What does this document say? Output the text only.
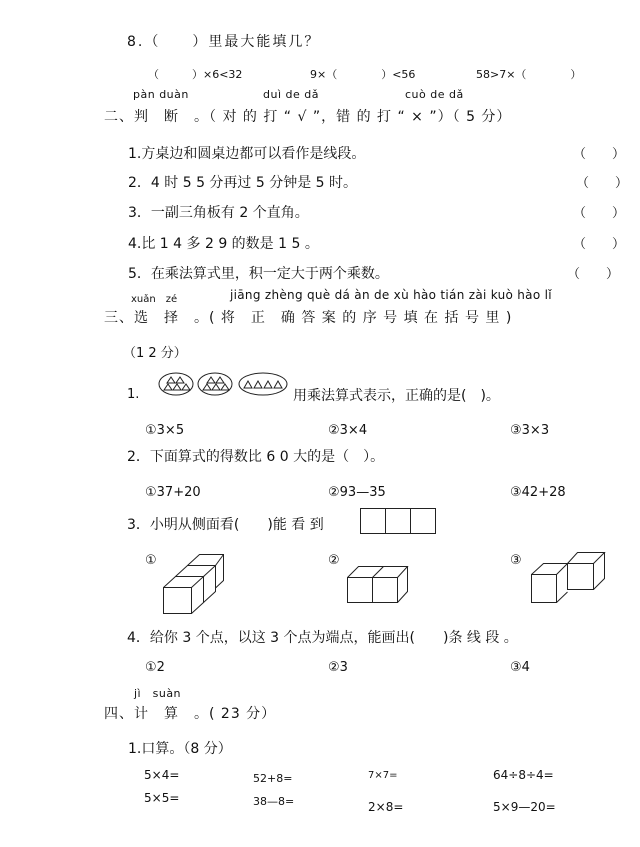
8.（　　）里最大能填几？
（　　　）×6<32	9×（　　　　）<56	58>7×（　　　　）
pàn duàn	duì de dǎ	cuò de dǎ
二、判　断　。（ 对 的 打 “ √ ”，错 的 打 “ × ”）（ 5 分）
1.方桌边和圆桌边都可以看作是线段。	（　　）
2．4 时 5 5 分再过 5 分钟是 5 时。	（　　）
3．一副三角板有 2 个直角。	（　　）
4.比 1 4 多 2 9 的数是 1 5 。	（　　）
5．在乘法算式里，积一定大于两个乘数。	（　　）
xuǎn　zé	jiāng zhèng què dá àn de xù hào tián zài kuò hào lǐ
三、选　择　。( 将　正　确 答 案 的 序 号 填 在 括 号 里 )
（1 2 分）
1.	用乘法算式表示，正确的是(　)。
①3×5	②3×4	③3×3
2．下面算式的得数比 6 0 大的是（　）。
①37+20	②93—35	③42+28
3．小明从侧面看(　　)能 看 到
①	②	③
4．给你 3 个点，以这 3 个点为端点，能画出(　　)条 线 段 。
①2	②3	③4
jì　suàn
四、计　算　。( 23 分）
1.口算。（8 分）
5×4=	52+8=	7×7=	64÷8÷4=
5×5=	38—8=	2×8=	5×9—20=
